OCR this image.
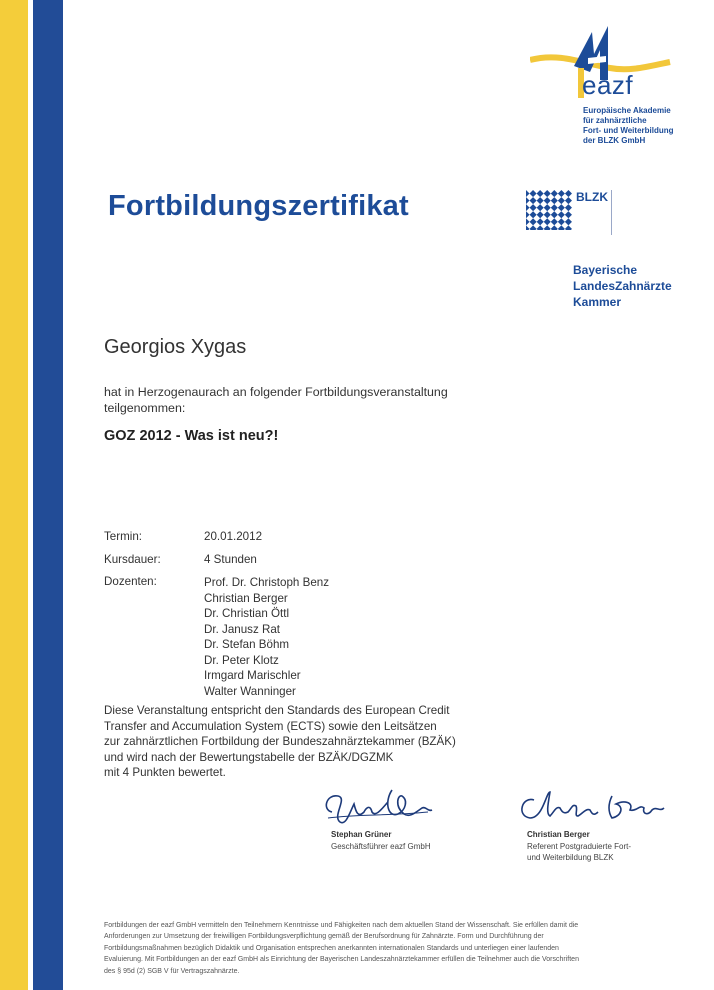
eazf
Europäische Akademie
für zahnärztliche
Fort- und Weiterbildung
der BLZK GmbH
Fortbildungszertifikat	BLZK
Bayerische
LandesZahnärzte
Kammer
Georgios Xygas
hat in Herzogenaurach an folgender Fortbildungsveranstaltung teilgenommen:
GOZ 2012 - Was ist neu?!
Termin:	20.01.2012
Kursdauer:	4 Stunden
Dozenten:	Prof. Dr. Christoph Benz
Christian Berger
Dr. Christian Öttl
Dr. Janusz Rat
Dr. Stefan Böhm
Dr. Peter Klotz
Irmgard Marischler
Walter Wanninger
Diese Veranstaltung entspricht den Standards des European Credit
Transfer and Accumulation System (ECTS) sowie den Leitsätzen
zur zahnärztlichen Fortbildung der Bundeszahnärztekammer (BZÄK)
und wird nach der Bewertungstabelle der BZÄK/DGZMK
mit 4 Punkten bewertet.
Stephan Grüner
Geschäftsführer eazf GmbH
Christian Berger
Referent Postgraduierte Fort-
und Weiterbildung BLZK
Fortbildungen der eazf GmbH vermitteln den Teilnehmern Kenntnisse und Fähigkeiten nach dem aktuellen Stand der Wissenschaft. Sie erfüllen damit die
Anforderungen zur Umsetzung der freiwilligen Fortbildungsverpflichtung gemäß der Berufsordnung für Zahnärzte. Form und Durchführung der
Fortbildungsmaßnahmen bezüglich Didaktik und Organisation entsprechen anerkannten internationalen Standards und unterliegen einer laufenden
Evaluierung. Mit Fortbildungen an der eazf GmbH als Einrichtung der Bayerischen Landeszahnärztekammer erfüllen die Teilnehmer auch die Vorschriften
des § 95d (2) SGB V für Vertragszahnärzte.
